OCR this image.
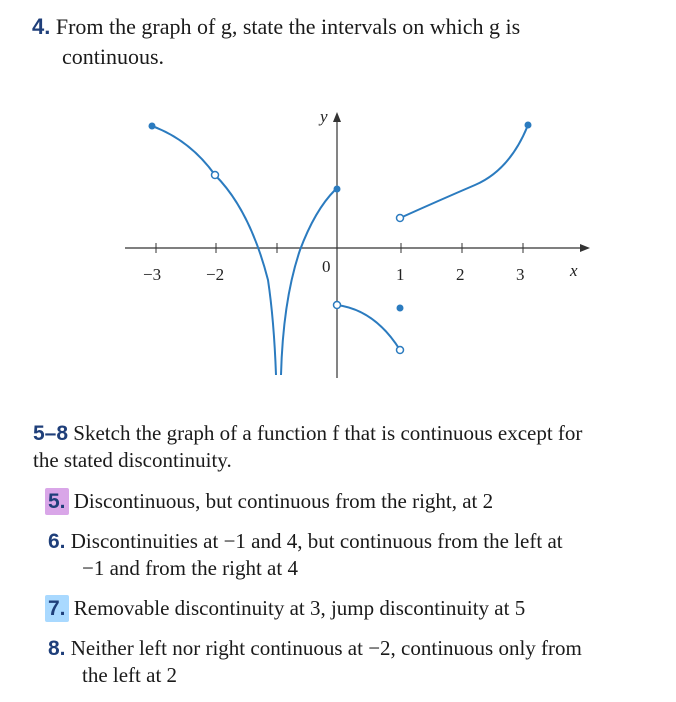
4. From the graph of g, state the intervals on which g is
continuous.
−3	−2	0	1	2	3	x
y
5–8 Sketch the graph of a function f that is continuous except for
the stated discontinuity.
5. Discontinuous, but continuous from the right, at 2
6. Discontinuities at −1 and 4, but continuous from the left at
−1 and from the right at 4
7. Removable discontinuity at 3, jump discontinuity at 5
8. Neither left nor right continuous at −2, continuous only from
the left at 2
